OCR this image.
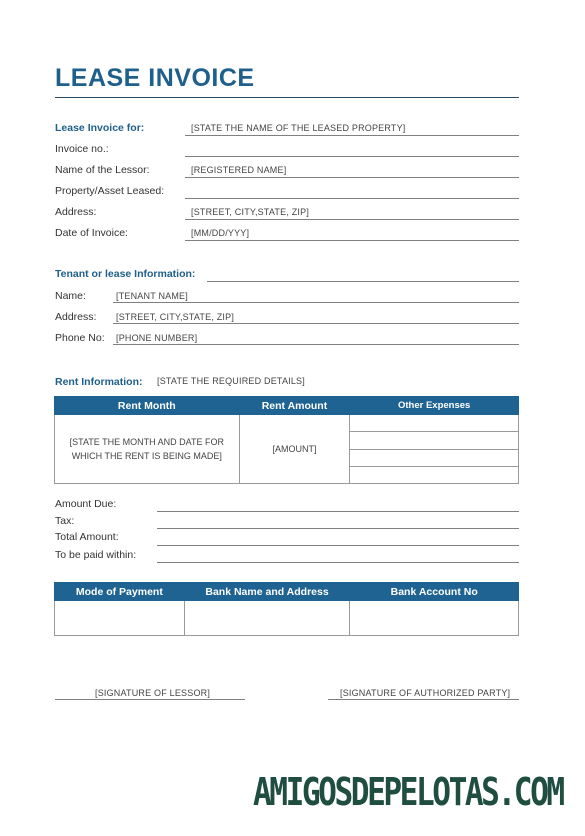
LEASE INVOICE
Lease Invoice for:	[STATE THE NAME OF THE LEASED PROPERTY]
Invoice no.:
Name of the Lessor:	[REGISTERED NAME]
Property/Asset Leased:
Address:	[STREET, CITY,STATE, ZIP]
Date of Invoice:	[MM/DD/YYY]
Tenant or lease Information:
Name:	[TENANT NAME]
Address: [STREET, CITY,STATE, ZIP]
Phone No: [PHONE NUMBER]
Rent Information: [STATE THE REQUIRED DETAILS]
Rent Month	Rent Amount	Other Expenses
[STATE THE MONTH AND DATE FOR WHICH THE RENT IS BEING MADE]	[AMOUNT]	

Amount Due:
Tax:
Total Amount:
To be paid within:
Mode of Payment	Bank Name and Address	Bank Account No

[SIGNATURE OF LESSOR]	[SIGNATURE OF AUTHORIZED PARTY]
AMIGOSDEPELOTAS.COM
